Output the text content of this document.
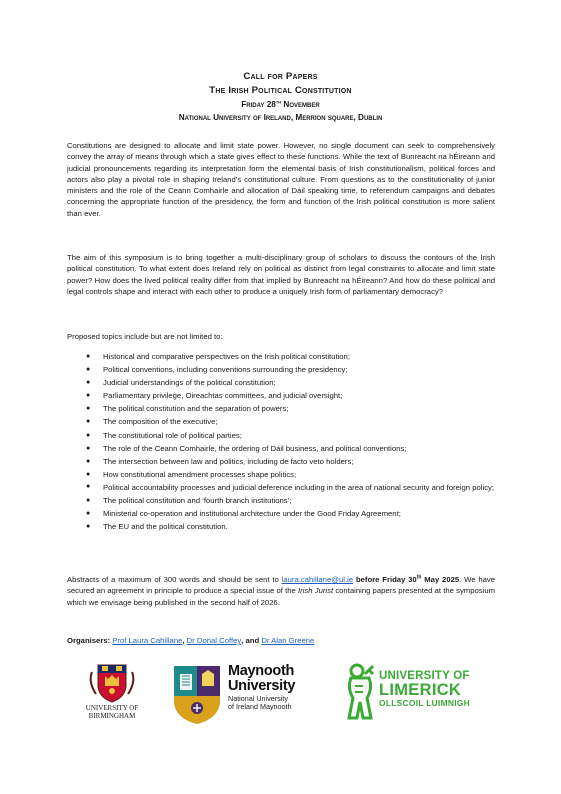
Call for Papers
The Irish Political Constitution
Friday 28th November
National University of Ireland, Merrion square, Dublin

Constitutions are designed to allocate and limit state power. However, no single document can seek to comprehensively convey the array of means through which a state gives effect to these functions. While the text of Bunreacht na hÉireann and judicial pronouncements regarding its interpretation form the elemental basis of Irish constitutionalism, political forces and actors also play a pivotal role in shaping Ireland’s constitutional culture. From questions as to the constitutionality of junior ministers and the role of the Ceann Comhairle and allocation of Dáil speaking time, to referendum campaigns and debates concerning the appropriate function of the presidency, the form and function of the Irish political constitution is more salient than ever.

The aim of this symposium is to bring together a multi-disciplinary group of scholars to discuss the contours of the Irish political constitution. To what extent does Ireland rely on political as distinct from legal constraints to allocate and limit state power? How does the lived political reality differ from that implied by Bunreacht na hÉireann? And how do these political and legal controls shape and interact with each other to produce a uniquely Irish form of parliamentary democracy?

Proposed topics include but are not limited to:

● Historical and comparative perspectives on the Irish political constitution;
● Political conventions, including conventions surrounding the presidency;
● Judicial understandings of the political constitution;
● Parliamentary privilege, Oireachtas committees, and judicial oversight;
● The political constitution and the separation of powers;
● The composition of the executive;
● The constitutional role of political parties;
● The role of the Ceann Comhairle, the ordering of Dáil business, and political conventions;
● The intersection between law and politics, including de facto veto holders;
● How constitutional amendment processes shape politics;
● Political accountability processes and judicial deference including in the area of national security and foreign policy;
● The political constitution and ‘fourth branch institutions’;
● Ministerial co-operation and institutional architecture under the Good Friday Agreement;
● The EU and the political constitution.

Abstracts of a maximum of 300 words and should be sent to laura.cahillane@ul.ie before Friday 30th May 2025. We have secured an agreement in principle to produce a special issue of the Irish Jurist containing papers presented at the symposium which we envisage being published in the second half of 2026.

Organisers: Prof Laura Cahillane, Dr Donal Coffey, and Dr Alan Greene

UNIVERSITY OF
BIRMINGHAM
Maynooth
University
National University
of Ireland Maynooth
UNIVERSITY OF
LIMERICK
OLLSCOIL LUIMNIGH
